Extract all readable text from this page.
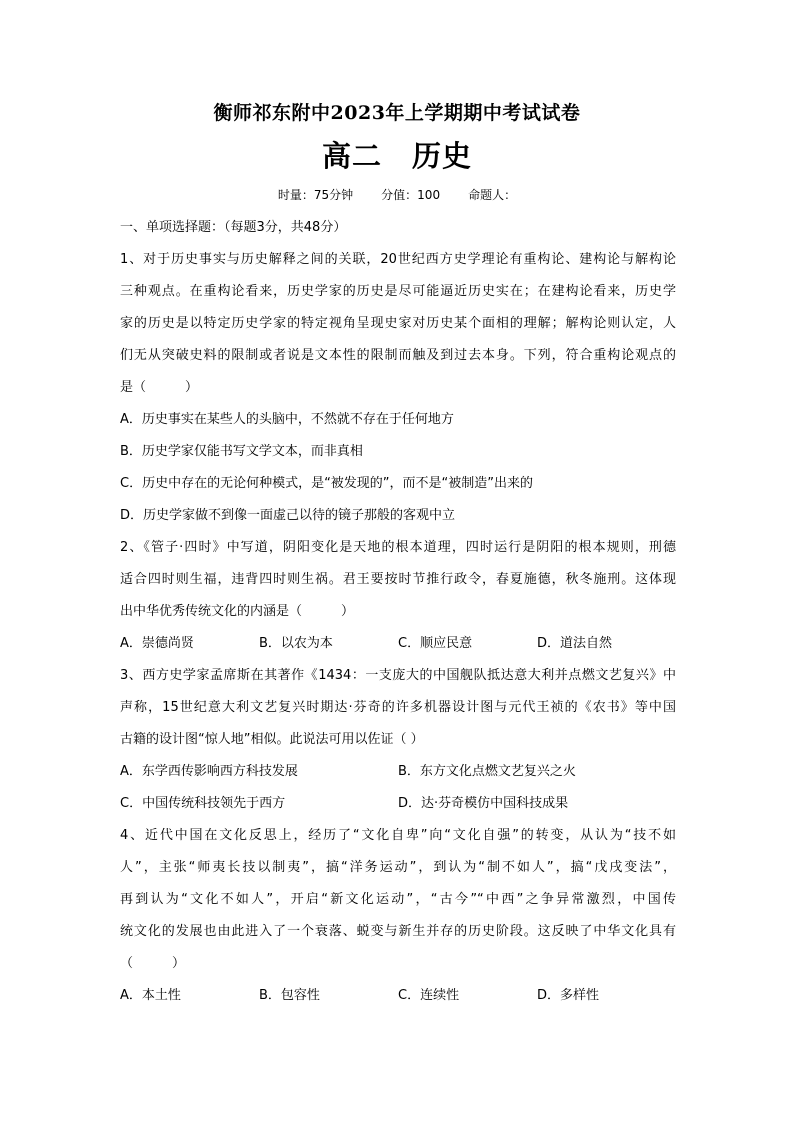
衡师祁东附中2023年上学期期中考试试卷
高二 历史
时量：75分钟 分值：100 命题人：
一、单项选择题：（每题3分，共48分）
1、对于历史事实与历史解释之间的关联，20世纪西方史学理论有重构论、建构论与解构论
三种观点。在重构论看来，历史学家的历史是尽可能逼近历史实在；在建构论看来，历史学
家的历史是以特定历史学家的特定视角呈现史家对历史某个面相的理解；解构论则认定，人
们无从突破史料的限制或者说是文本性的限制而触及到过去本身。下列，符合重构论观点的
是（　　　）
A．历史事实在某些人的头脑中，不然就不存在于任何地方
B．历史学家仅能书写文学文本，而非真相
C．历史中存在的无论何种模式，是“被发现的”，而不是“被制造”出来的
D．历史学家做不到像一面虚己以待的镜子那般的客观中立
2、《管子·四时》中写道，阴阳变化是天地的根本道理，四时运行是阴阳的根本规则，刑德
适合四时则生福，违背四时则生祸。君王要按时节推行政令，春夏施德，秋冬施刑。这体现
出中华优秀传统文化的内涵是（　　　）
A．崇德尚贤	B．以农为本	C．顺应民意	D．道法自然
3、西方史学家孟席斯在其著作《1434：一支庞大的中国舰队抵达意大利并点燃文艺复兴》中
声称，15世纪意大利文艺复兴时期达·芬奇的许多机器设计图与元代王祯的《农书》等中国
古籍的设计图“惊人地”相似。此说法可用以佐证（ ）
A．东学西传影响西方科技发展	B．东方文化点燃文艺复兴之火
C．中国传统科技领先于西方	D．达·芬奇模仿中国科技成果
4、近代中国在文化反思上，经历了“文化自卑”向“文化自强”的转变，从认为“技不如
人”，主张“师夷长技以制夷”，搞“洋务运动”，到认为“制不如人”，搞“戊戌变法”，
再到认为“文化不如人”，开启“新文化运动”，“古今”“中西”之争异常激烈，中国传
统文化的发展也由此进入了一个衰落、蜕变与新生并存的历史阶段。这反映了中华文化具有
（　　　）
A．本土性	B．包容性	C．连续性	D．多样性
